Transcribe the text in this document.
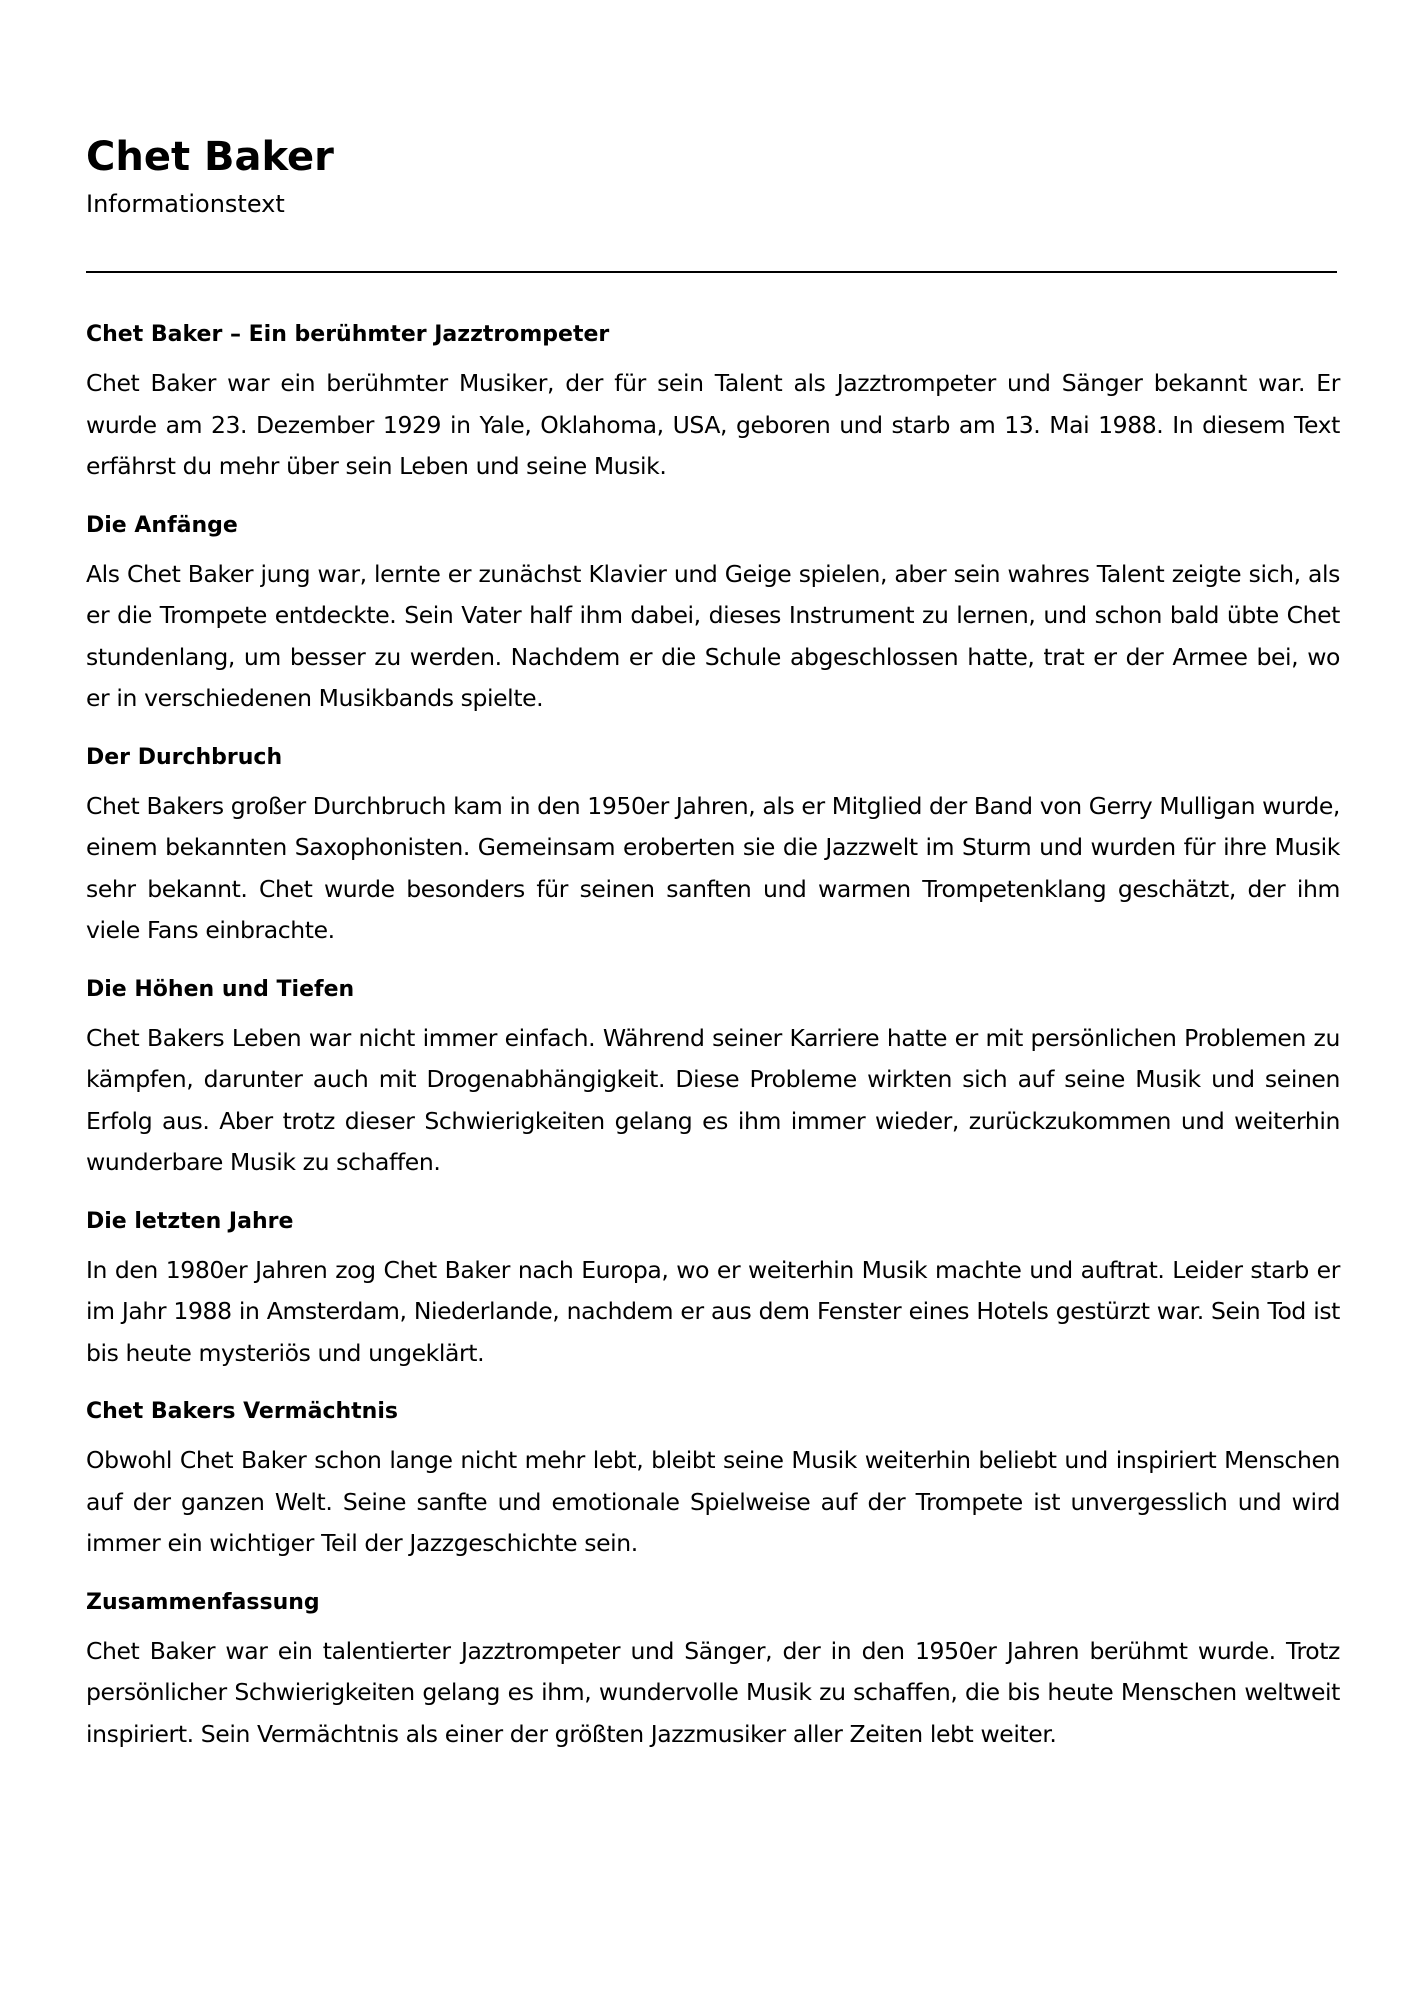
Chet Baker
Informationstext
Chet Baker – Ein berühmter Jazztrompeter

Chet Baker war ein berühmter Musiker, der für sein Talent als Jazztrompeter und Sänger bekannt war. Er wurde am 23. Dezember 1929 in Yale, Oklahoma, USA, geboren und starb am 13. Mai 1988. In diesem Text erfährst du mehr über sein Leben und seine Musik.

Die Anfänge

Als Chet Baker jung war, lernte er zunächst Klavier und Geige spielen, aber sein wahres Talent zeigte sich, als er die Trompete entdeckte. Sein Vater half ihm dabei, dieses Instrument zu lernen, und schon bald übte Chet stundenlang, um besser zu werden. Nachdem er die Schule abgeschlossen hatte, trat er der Armee bei, wo er in verschiedenen Musikbands spielte.

Der Durchbruch

Chet Bakers großer Durchbruch kam in den 1950er Jahren, als er Mitglied der Band von Gerry Mulligan wurde, einem bekannten Saxophonisten. Gemeinsam eroberten sie die Jazzwelt im Sturm und wurden für ihre Musik sehr bekannt. Chet wurde besonders für seinen sanften und warmen Trompetenklang geschätzt, der ihm viele Fans einbrachte.

Die Höhen und Tiefen

Chet Bakers Leben war nicht immer einfach. Während seiner Karriere hatte er mit persönlichen Problemen zu kämpfen, darunter auch mit Drogenabhängigkeit. Diese Probleme wirkten sich auf seine Musik und seinen Erfolg aus. Aber trotz dieser Schwierigkeiten gelang es ihm immer wieder, zurückzukommen und weiterhin wunderbare Musik zu schaffen.

Die letzten Jahre

In den 1980er Jahren zog Chet Baker nach Europa, wo er weiterhin Musik machte und auftrat. Leider starb er im Jahr 1988 in Amsterdam, Niederlande, nachdem er aus dem Fenster eines Hotels gestürzt war. Sein Tod ist bis heute mysteriös und ungeklärt.

Chet Bakers Vermächtnis

Obwohl Chet Baker schon lange nicht mehr lebt, bleibt seine Musik weiterhin beliebt und inspiriert Menschen auf der ganzen Welt. Seine sanfte und emotionale Spielweise auf der Trompete ist unvergesslich und wird immer ein wichtiger Teil der Jazzgeschichte sein.

Zusammenfassung

Chet Baker war ein talentierter Jazztrompeter und Sänger, der in den 1950er Jahren berühmt wurde. Trotz persönlicher Schwierigkeiten gelang es ihm, wundervolle Musik zu schaffen, die bis heute Menschen weltweit inspiriert. Sein Vermächtnis als einer der größten Jazzmusiker aller Zeiten lebt weiter.
